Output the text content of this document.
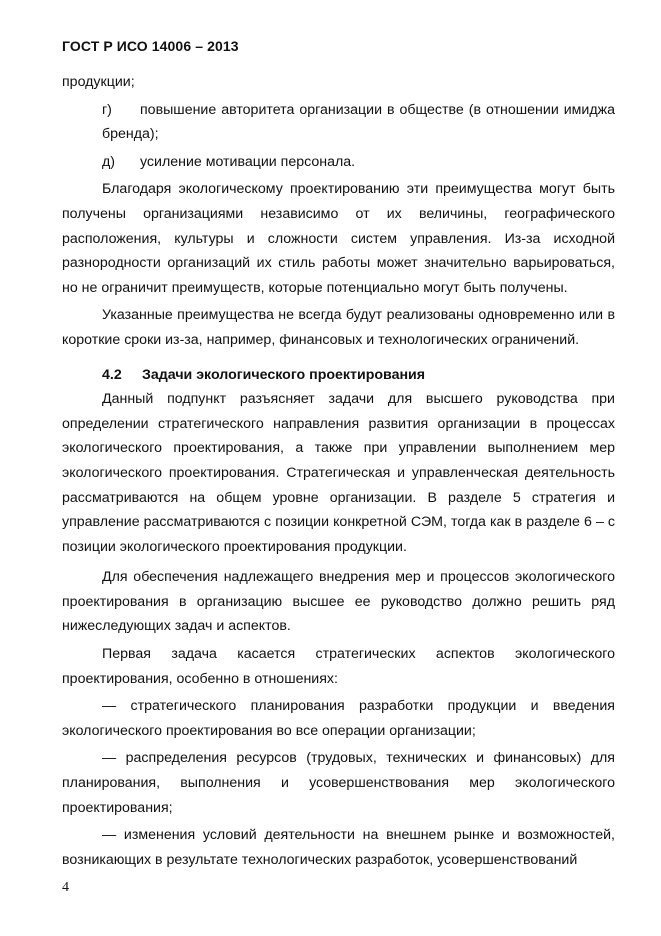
ГОСТ Р ИСО 14006 – 2013

продукции;

г) повышение авторитета организации в обществе (в отношении имиджа бренда);

д) усиление мотивации персонала.

Благодаря экологическому проектированию эти преимущества могут быть получены организациями независимо от их величины, географического расположения, культуры и сложности систем управления. Из-за исходной разнородности организаций их стиль работы может значительно варьироваться, но не ограничит преимуществ, которые потенциально могут быть получены.

Указанные преимущества не всегда будут реализованы одновременно или в короткие сроки из-за, например, финансовых и технологических ограничений.

4.2 Задачи экологического проектирования

Данный подпункт разъясняет задачи для высшего руководства при определении стратегического направления развития организации в процессах экологического проектирования, а также при управлении выполнением мер экологического проектирования. Стратегическая и управленческая деятельность рассматриваются на общем уровне организации. В разделе 5 стратегия и управление рассматриваются с позиции конкретной СЭМ, тогда как в разделе 6 – с позиции экологического проектирования продукции.

Для обеспечения надлежащего внедрения мер и процессов экологического проектирования в организацию высшее ее руководство должно решить ряд нижеследующих задач и аспектов.

Первая задача касается стратегических аспектов экологического проектирования, особенно в отношениях:

— стратегического планирования разработки продукции и введения экологического проектирования во все операции организации;

— распределения ресурсов (трудовых, технических и финансовых) для планирования, выполнения и усовершенствования мер экологического проектирования;

— изменения условий деятельности на внешнем рынке и возможностей, возникающих в результате технологических разработок, усовершенствований

4
